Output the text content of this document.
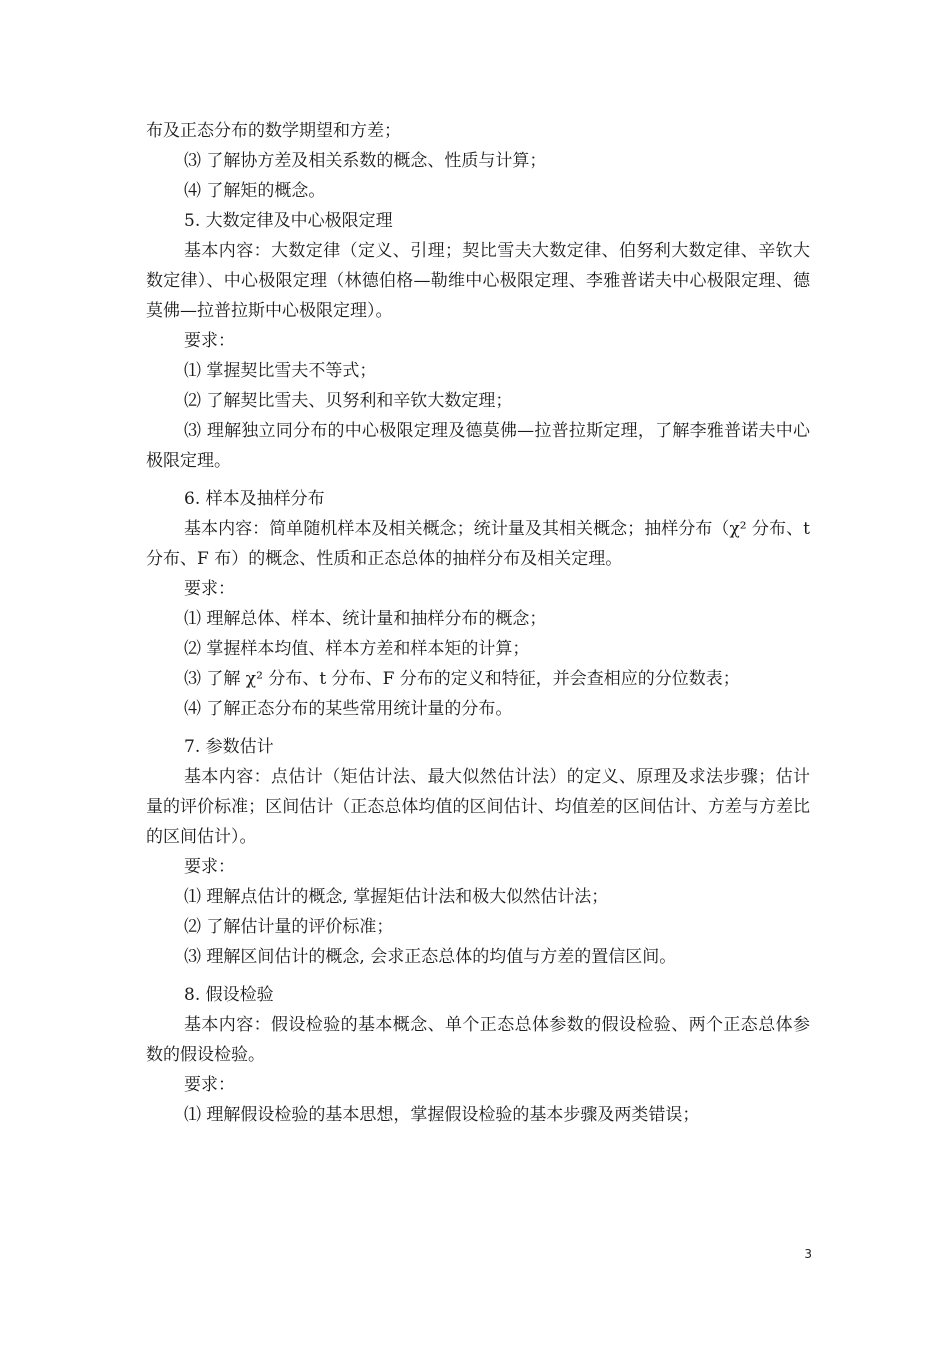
布及正态分布的数学期望和方差；

⑶ 了解协方差及相关系数的概念、性质与计算；

⑷ 了解矩的概念。

5. 大数定律及中心极限定理

基本内容：大数定律（定义、引理；契比雪夫大数定律、伯努利大数定律、辛钦大数定律）、中心极限定理（林德伯格—勒维中心极限定理、李雅普诺夫中心极限定理、德莫佛—拉普拉斯中心极限定理）。

要求：

⑴ 掌握契比雪夫不等式；

⑵ 了解契比雪夫、贝努利和辛钦大数定理；

⑶ 理解独立同分布的中心极限定理及德莫佛—拉普拉斯定理，了解李雅普诺夫中心极限定理。

6. 样本及抽样分布

基本内容：简单随机样本及相关概念；统计量及其相关概念；抽样分布（χ² 分布、t 分布、F 布）的概念、性质和正态总体的抽样分布及相关定理。

要求：

⑴ 理解总体、样本、统计量和抽样分布的概念；

⑵ 掌握样本均值、样本方差和样本矩的计算；

⑶ 了解 χ² 分布、t 分布、F 分布的定义和特征，并会查相应的分位数表；

⑷ 了解正态分布的某些常用统计量的分布。

7. 参数估计

基本内容：点估计（矩估计法、最大似然估计法）的定义、原理及求法步骤；估计量的评价标准；区间估计（正态总体均值的区间估计、均值差的区间估计、方差与方差比的区间估计）。

要求：

⑴ 理解点估计的概念, 掌握矩估计法和极大似然估计法；

⑵ 了解估计量的评价标准；

⑶ 理解区间估计的概念, 会求正态总体的均值与方差的置信区间。

8. 假设检验

基本内容：假设检验的基本概念、单个正态总体参数的假设检验、两个正态总体参数的假设检验。

要求：

⑴ 理解假设检验的基本思想，掌握假设检验的基本步骤及两类错误；

3
